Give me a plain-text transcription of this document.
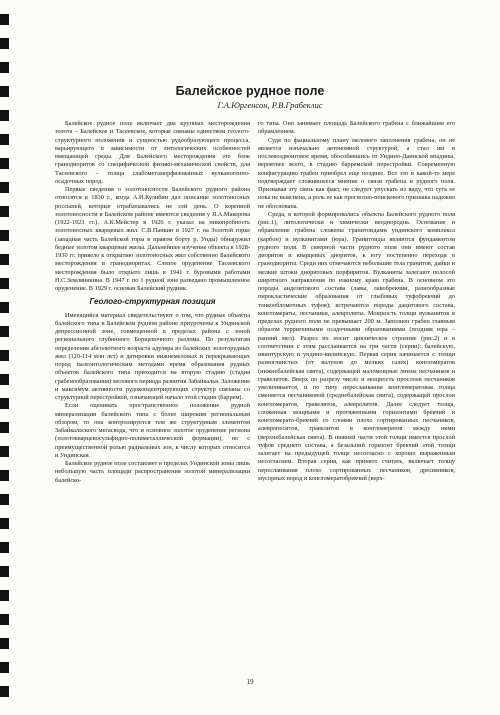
Балейское рудное поле
Г.А.Юргенсон, Р.В.Грабеклис

Балейское рудное поле включает два крупных месторождения золота – Балейское и Тасеевское, которые связаны единством геолого-структурного положения и сущностью рудообразующего процесса, варьирующего в зависимости от литологических особенностей вмещающей среды. Для Балейского месторождения это блок гранодиоритов со специфической физико-механической свойств, для Тасеевского – толща слабометаморфизованных вулканогенно-осадочных пород.

Первые сведения о золотоносности Балейского рудного района относятся к 1830 г., когда А.И.Кулибин дал описание золотоносных россыпей, которые отрабатывались не сей день. О коренной золотоносности в Балейском районе имеются сведения у Я.А.Макерова (1922-1923 гг.). А.К.Мейстер в 1926 г. указал на никопробность золотоносных кварцевых жил. С.В.Панкин в 1927 г. на Золотой горке (западная часть Балейской горы в правом борту р. Унды) обнаружил бедные золотом кварцевые жилы. Дальнейшее изучение объекта в 1928-1930 гг. привело к открытию золотоносных жил собственно Балейского месторождения в гранодиоритах. Слепое оруденение Тасеевского месторождения было открыто лишь в 1941 г. буровыми работами Н.С.Земляникина. В 1947 г. по 1 рудной зоне разведано промышленное оруденение. В 1929 г. основан Балейский рудник.

Геолого-структурная позиция

Имеющийся материал свидетельствуют о том, что рудные объекты балейского типа в Балейском рудном районе приурочены к Ундинской депрессионной зоне, совмещенной в пределах района с зоной регионального глубинного Борщевочного разлома. По результатам определения абсолютного возраста адуляра из балейских золоторудных жил (120-114 млн лет) и датировки нижнемеловых и перекрывающих пород палеонтологическим методами время образования рудных объектов балейского типа приходится на вторую стадию (стадия грабенообразования) мелового периода развития Забайкалья. Заложение и максимум активности рудоконцентрирующих структур связаны со структурной перестройкой, означающей начало этой стадии (баррем).

Если оценивать пространственное положение рудной минерализации балейского типа с более широким региональным обзором, то она контролируется тем же структурным элементом Забайкальского мегасвода, что и основное золотое оруденение региона (золотокварцевосульфидно-полиметаллической формации), но с преимущественной ролью радиальных зон, к числу которых относится и Ундинская.

Балейское рудное поле составляет в пределах Ундинской зоны лишь небольшую часть площади распространения золотой минерализации балейско-

го типа. Оно занимает площадь Балейского грабена с ближайшим его обрамлением.

Судя по фациальному плану мелового заполнения грабена, он не является изначально автономной структурой, а стал им в послевоздвоиговое время, обособившись от Ундино-Даинской впадины, вероятнее всего, в стадию барремской перестройки. Современную конфигурацию грабен приобрел еще позднее. Все это в какой-то мере подтверждает сложившееся мнение о связи грабена и рудного поля. Признавая эту связь как факт, не следует упускать из виду, что суть ее пока не выяснена, а роль ее как прогнозно-поискового признака надежно не обоснована.

Среда, в которой формировались объекты Балейского рудного поля (рис.1), литологически и химически неоднородна. Основание и обрамление грабена сложены гранитоидами ундинского комплекса (карбон) и вулканитами (юра). Гранитоиды являются фундаментом рудного поля. В северной части рудного поля они имеют состав диоритов и кварцевых диоритов, к югу постепенно переходя в гранодиориты. Среди них отмечаются небольшие тела гранитов, дайки и мелкие штоки диоритовых порфиритов. Вулканиты залегают полосой широтного направления по южному краю грабена. В основном это породы андезитового состава (лавы, лавобрекчии, разнообразные пирокластические образования от глыбовых туфобрекчий до тонкообломочных туфов); встречаются породы дацитового состава, конгломераты, песчаники, алевролиты. Мощность толщи вулканитов в пределах рудного поля не превышает 200 м. Заполнен грабен главным образом терригенными осадочными образованиями (поздняя юра – ранний мел). Разрез их носит циклическое строение (рис.2) и в соответствии с этим расслаивается на три части (серии): балейскую, ивинтурскую и ундино-вилинскую. Первая серия начинается с толщи разноглиистых (от валунов до мелких галек) конгломератов (нижнебалейская свита), содержащей маломощные линзы песчаников и гравелитов. Вверх по разрезу число и мощность прослоев песчаников увеличивается, и по типу переслаивания конгломератовая толща сменяется песчаниковой (среднебалейская свита), содержащей прослои конгломератов, гравелитов, алевролитов. Далее следует толща, сложенная мощными и протяженными горизонтами брекчий и конгломерато-брекчий со слоями плохо сортированных песчаников, алевропеситов, гравелитов и конгломератов между ними (верхнебалейская свита). В нижней части этой толщи имеется прослой туфов среднего состава, а безальпий горизонт брекчий этой толщи залегает на предыдущей толще несогласно с хорошо выраженным несогласием. Вторая серия, как принято считать, включает толщу переслаивания плохо сортированных песчаников, дресвяников, мусорных пород и конгломератобрекчий (верх-

19
